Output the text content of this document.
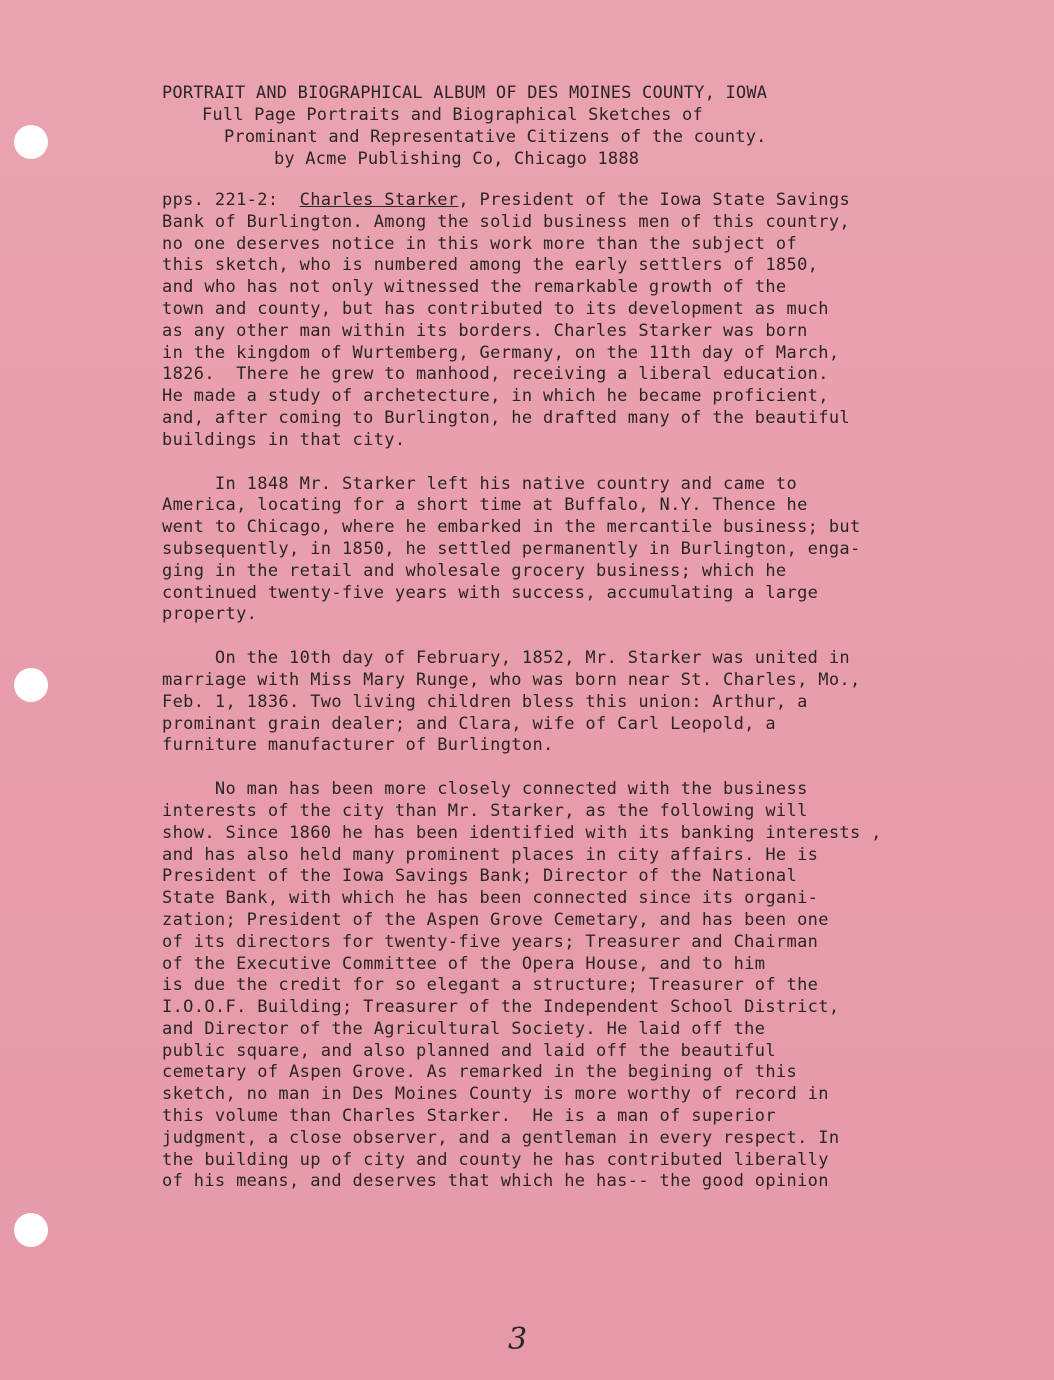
PORTRAIT AND BIOGRAPHICAL ALBUM OF DES MOINES COUNTY, IOWA
Full Page Portraits and Biographical Sketches of
Prominant and Representative Citizens of the county.
by Acme Publishing Co, Chicago 1888
pps. 221-2:  Charles Starker, President of the Iowa State Savings
Bank of Burlington. Among the solid business men of this country,
no one deserves notice in this work more than the subject of
this sketch, who is numbered among the early settlers of 1850,
and who has not only witnessed the remarkable growth of the
town and county, but has contributed to its development as much
as any other man within its borders. Charles Starker was born
in the kingdom of Wurtemberg, Germany, on the 11th day of March,
1826.  There he grew to manhood, receiving a liberal education.
He made a study of archetecture, in which he became proficient,
and, after coming to Burlington, he drafted many of the beautiful
buildings in that city.
In 1848 Mr. Starker left his native country and came to
America, locating for a short time at Buffalo, N.Y. Thence he
went to Chicago, where he embarked in the mercantile business; but
subsequently, in 1850, he settled permanently in Burlington, enga-
ging in the retail and wholesale grocery business; which he
continued twenty-five years with success, accumulating a large
property.
On the 10th day of February, 1852, Mr. Starker was united in
marriage with Miss Mary Runge, who was born near St. Charles, Mo.,
Feb. 1, 1836. Two living children bless this union: Arthur, a
prominant grain dealer; and Clara, wife of Carl Leopold, a
furniture manufacturer of Burlington.
No man has been more closely connected with the business
interests of the city than Mr. Starker, as the following will
show. Since 1860 he has been identified with its banking interests ,
and has also held many prominent places in city affairs. He is
President of the Iowa Savings Bank; Director of the National
State Bank, with which he has been connected since its organi-
zation; President of the Aspen Grove Cemetary, and has been one
of its directors for twenty-five years; Treasurer and Chairman
of the Executive Committee of the Opera House, and to him
is due the credit for so elegant a structure; Treasurer of the
I.O.O.F. Building; Treasurer of the Independent School District,
and Director of the Agricultural Society. He laid off the
public square, and also planned and laid off the beautiful
cemetary of Aspen Grove. As remarked in the begining of this
sketch, no man in Des Moines County is more worthy of record in
this volume than Charles Starker.  He is a man of superior
judgment, a close observer, and a gentleman in every respect. In
the building up of city and county he has contributed liberally
of his means, and deserves that which he has-- the good opinion
3
